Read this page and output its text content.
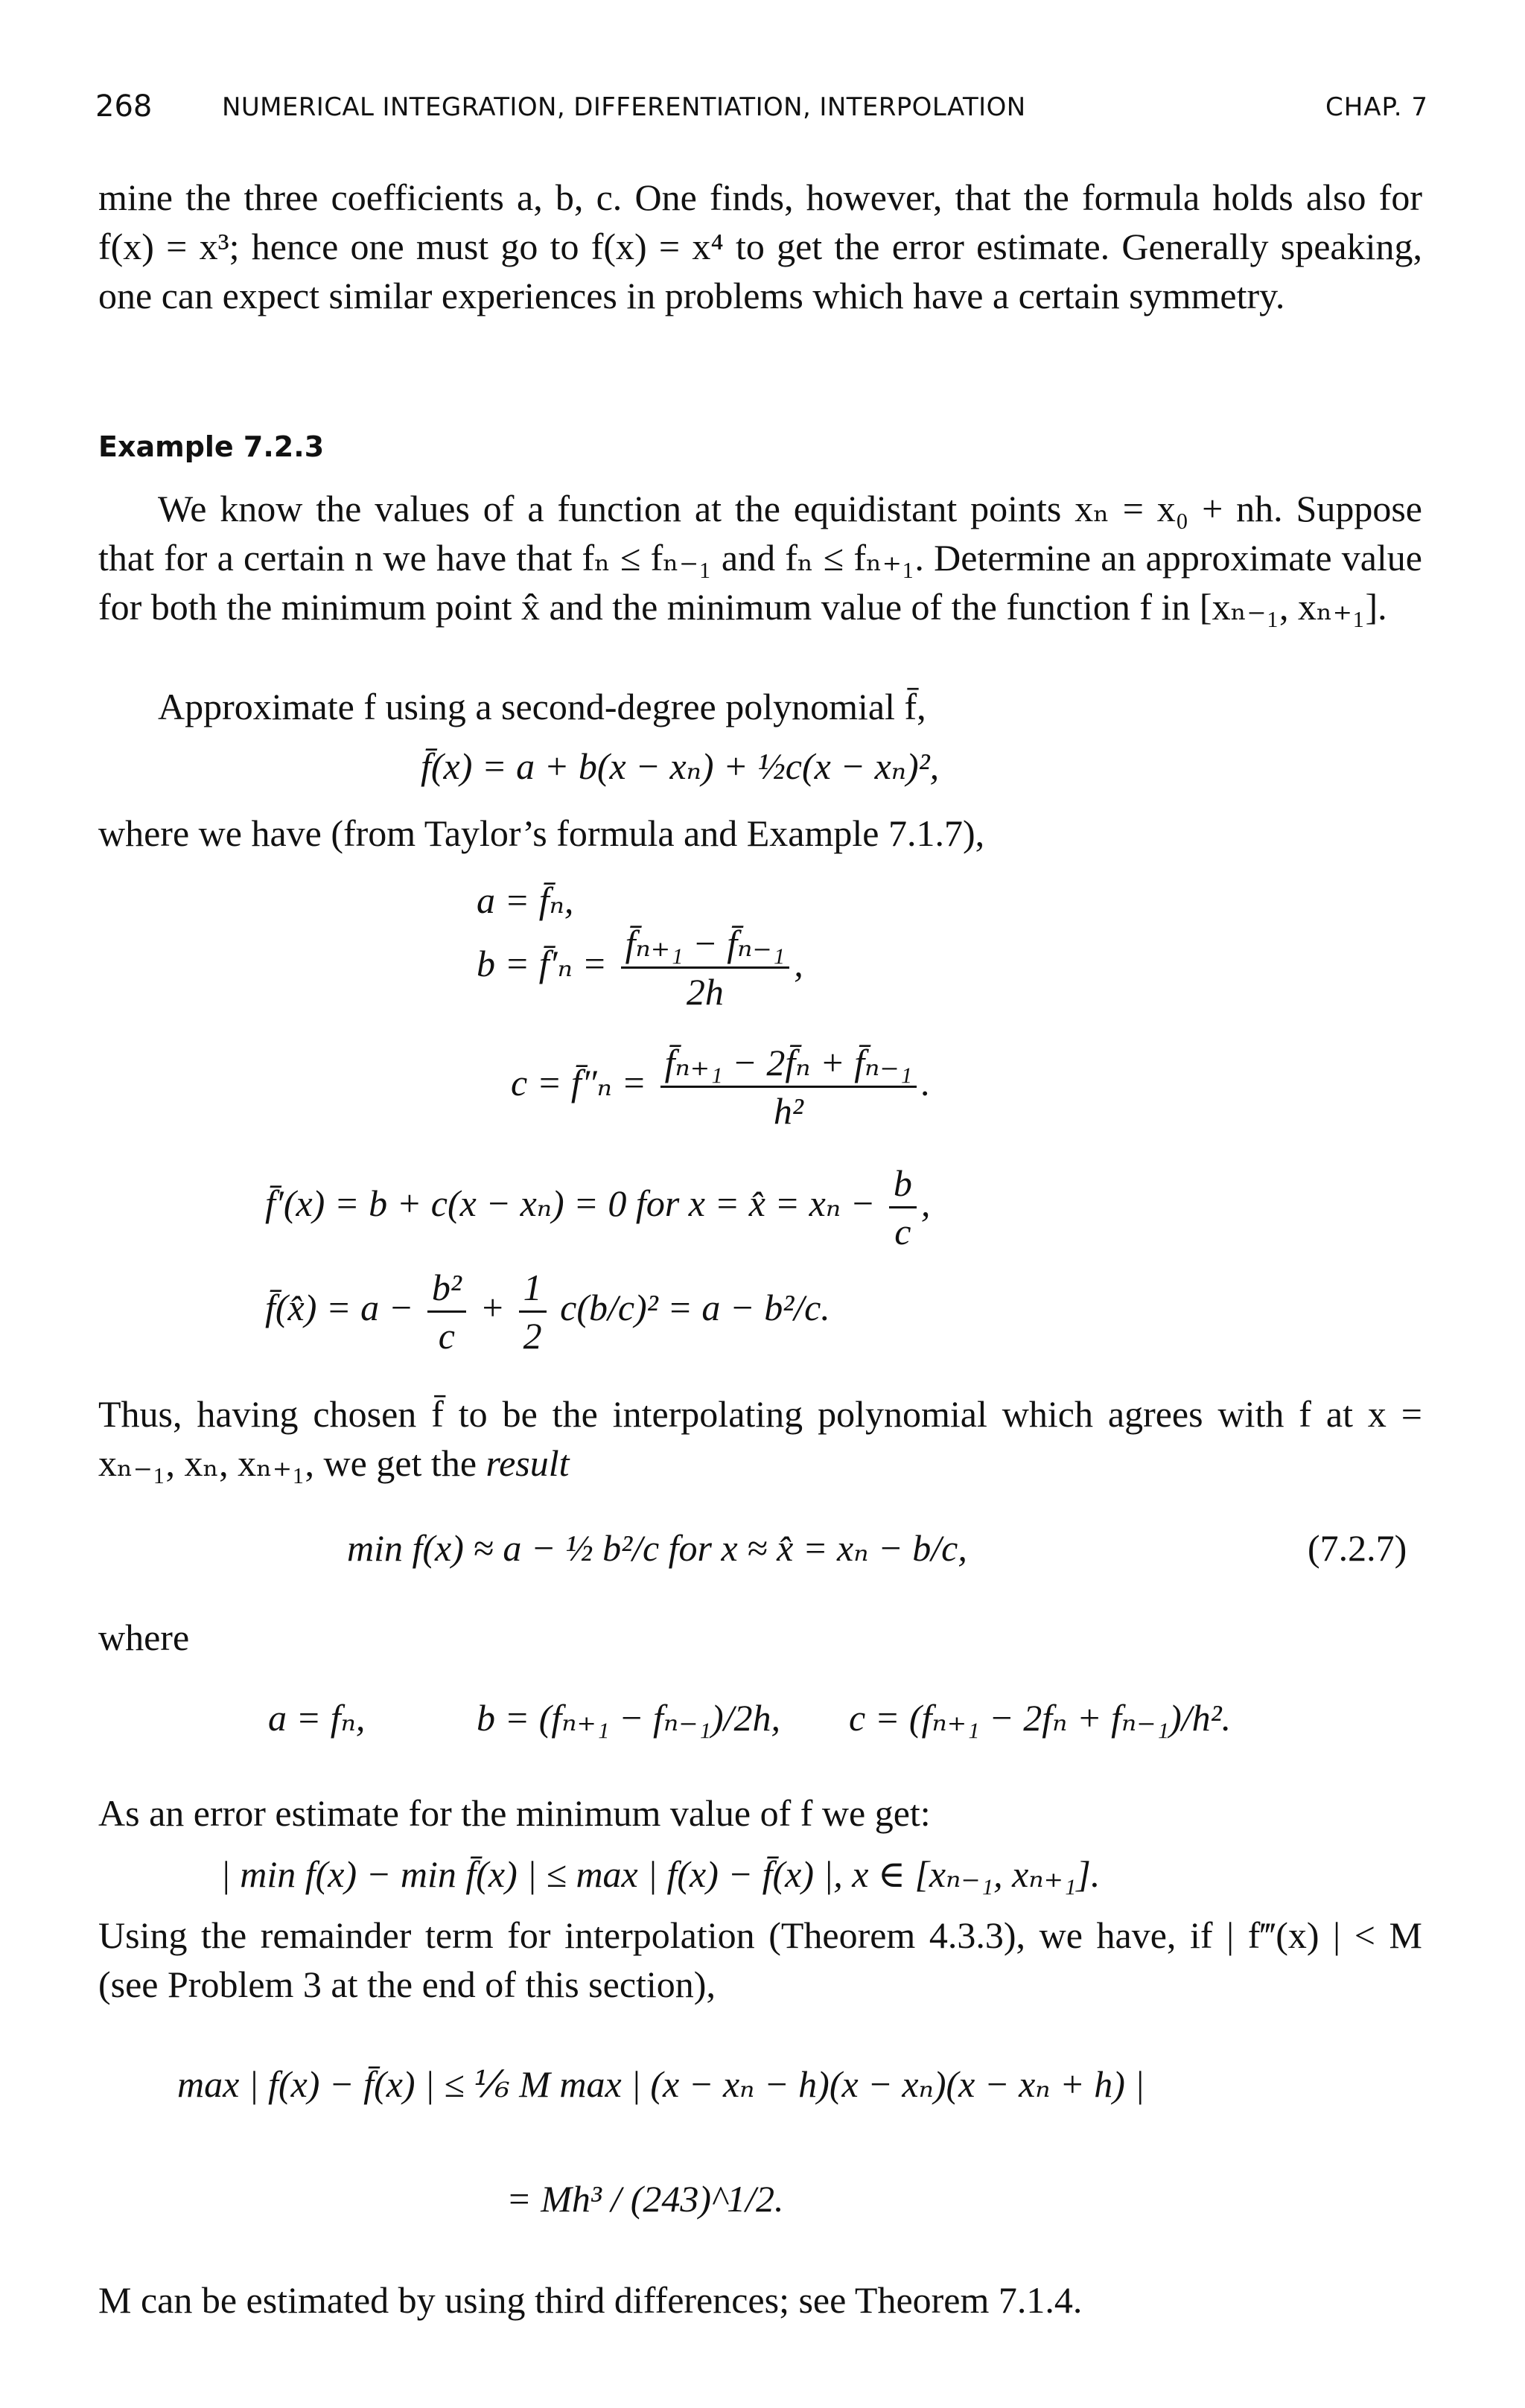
268	NUMERICAL INTEGRATION, DIFFERENTIATION, INTERPOLATION	CHAP. 7
mine the three coefficients a, b, c. One finds, however, that the formula holds also for f(x) = x³; hence one must go to f(x) = x⁴ to get the error estimate. Generally speaking, one can expect similar experiences in problems which have a certain symmetry.
Example 7.2.3
We know the values of a function at the equidistant points xₙ = x₀ + nh. Suppose that for a certain n we have that fₙ ≤ fₙ₋₁ and fₙ ≤ fₙ₊₁. Determine an approximate value for both the minimum point x̂ and the minimum value of the function f in [xₙ₋₁, xₙ₊₁].
Approximate f using a second-degree polynomial f̄,
f̄(x) = a + b(x − xₙ) + ½c(x − xₙ)²,
where we have (from Taylor’s formula and Example 7.1.7),
a = f̄ₙ,
b = f̄′ₙ = $\frac{\text{f̄ₙ₊₁ − f̄ₙ₋₁}}{2h}$ ,
c = f̄″ₙ = $\frac{\text{f̄ₙ₊₁ − 2f̄ₙ + f̄ₙ₋₁}}{\text{h²}}$ .
f̄′(x) = b + c(x − xₙ) = 0 for x = x̂ = $x_n - \frac{b}{c}$ ,
f̄(x̂) = $a - \frac{\text{b²}}{c} + \frac{1}{2} c(b/c)^2 = a - b^2/c$.
Thus, having chosen f̄ to be the interpolating polynomial which agrees with f at x = xₙ₋₁, xₙ, xₙ₊₁, we get the result
min f(x) ≈ a − ½ b²/c for x ≈ x̂ = xₙ − b/c,	(7.2.7)
where
a = fₙ,	b = (fₙ₊₁ − fₙ₋₁)/2h, c = (fₙ₊₁ − 2fₙ + fₙ₋₁)/h².
As an error estimate for the minimum value of f we get:
| min f(x) − min f̄(x) | ≤ max | f(x) − f̄(x) |, x ∈ [xₙ₋₁, xₙ₊₁].
Using the remainder term for interpolation (Theorem 4.3.3), we have, if | f‴(x) | < M (see Problem 3 at the end of this section),
max | f(x) − f̄(x) | ≤ ⅙ M max | (x − xₙ − h)(x − xₙ)(x − xₙ + h) |
= Mh³ / (243)^1/2.
M can be estimated by using third differences; see Theorem 7.1.4.
